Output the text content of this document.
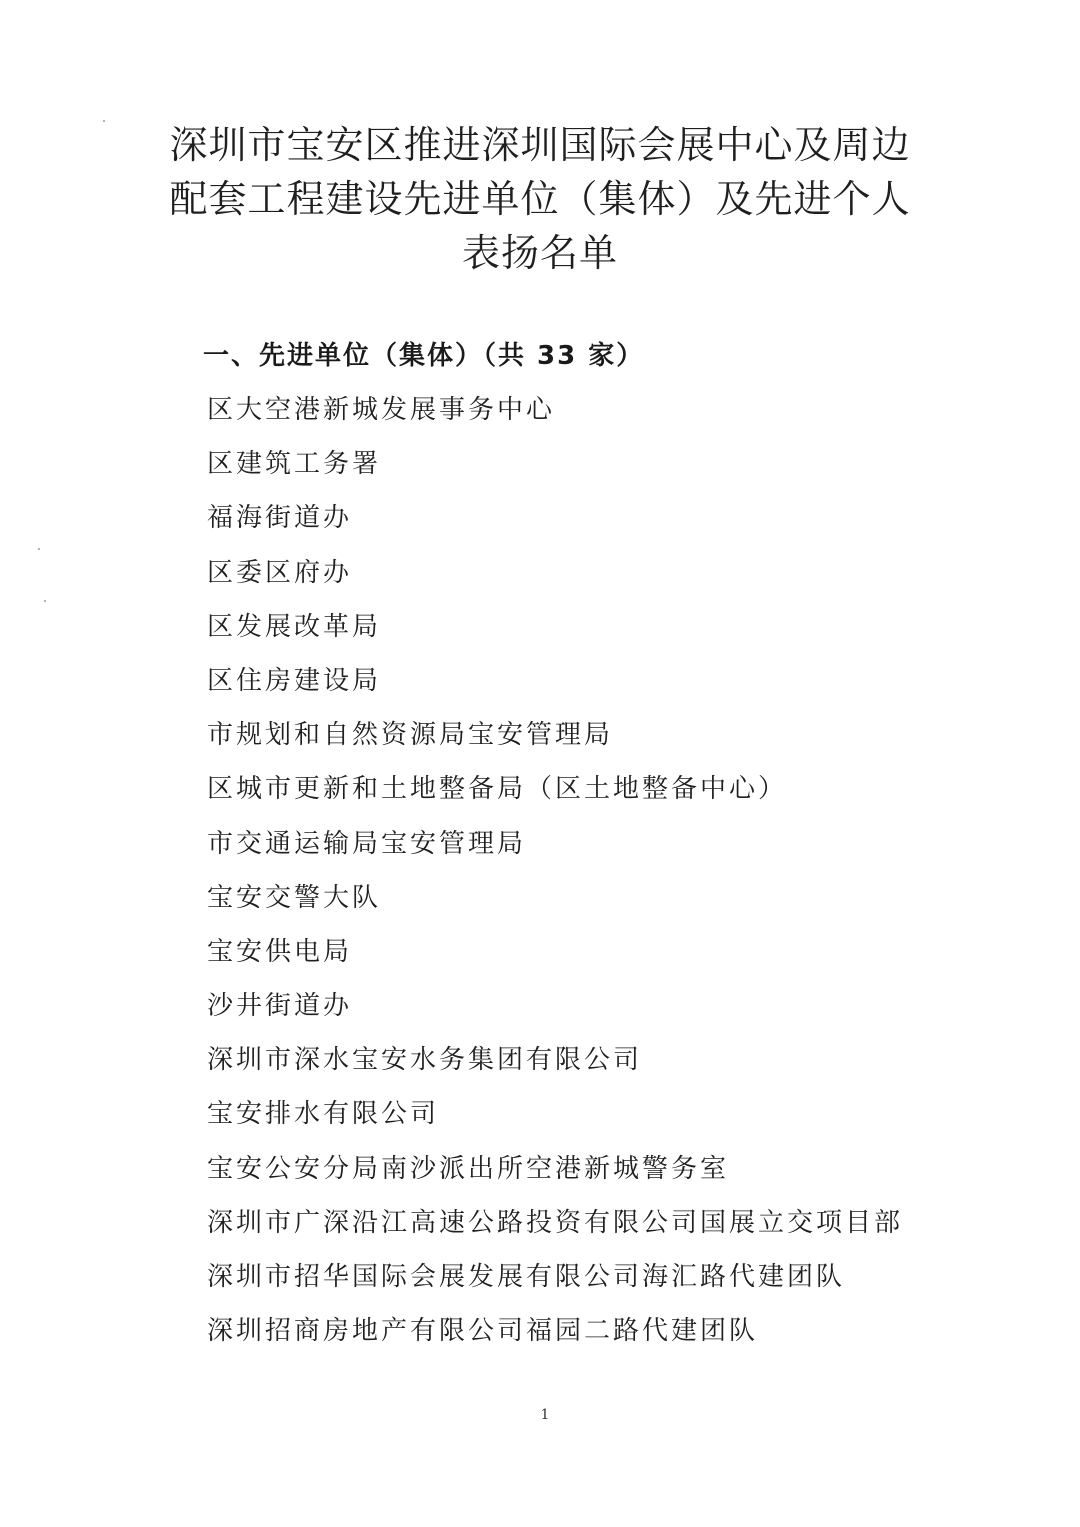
深圳市宝安区推进深圳国际会展中心及周边
配套工程建设先进单位（集体）及先进个人
表扬名单
一、先进单位（集体）（共 33 家）
区大空港新城发展事务中心
区建筑工务署
福海街道办
区委区府办
区发展改革局
区住房建设局
市规划和自然资源局宝安管理局
区城市更新和土地整备局（区土地整备中心）
市交通运输局宝安管理局
宝安交警大队
宝安供电局
沙井街道办
深圳市深水宝安水务集团有限公司
宝安排水有限公司
宝安公安分局南沙派出所空港新城警务室
深圳市广深沿江高速公路投资有限公司国展立交项目部
深圳市招华国际会展发展有限公司海汇路代建团队
深圳招商房地产有限公司福园二路代建团队
1
